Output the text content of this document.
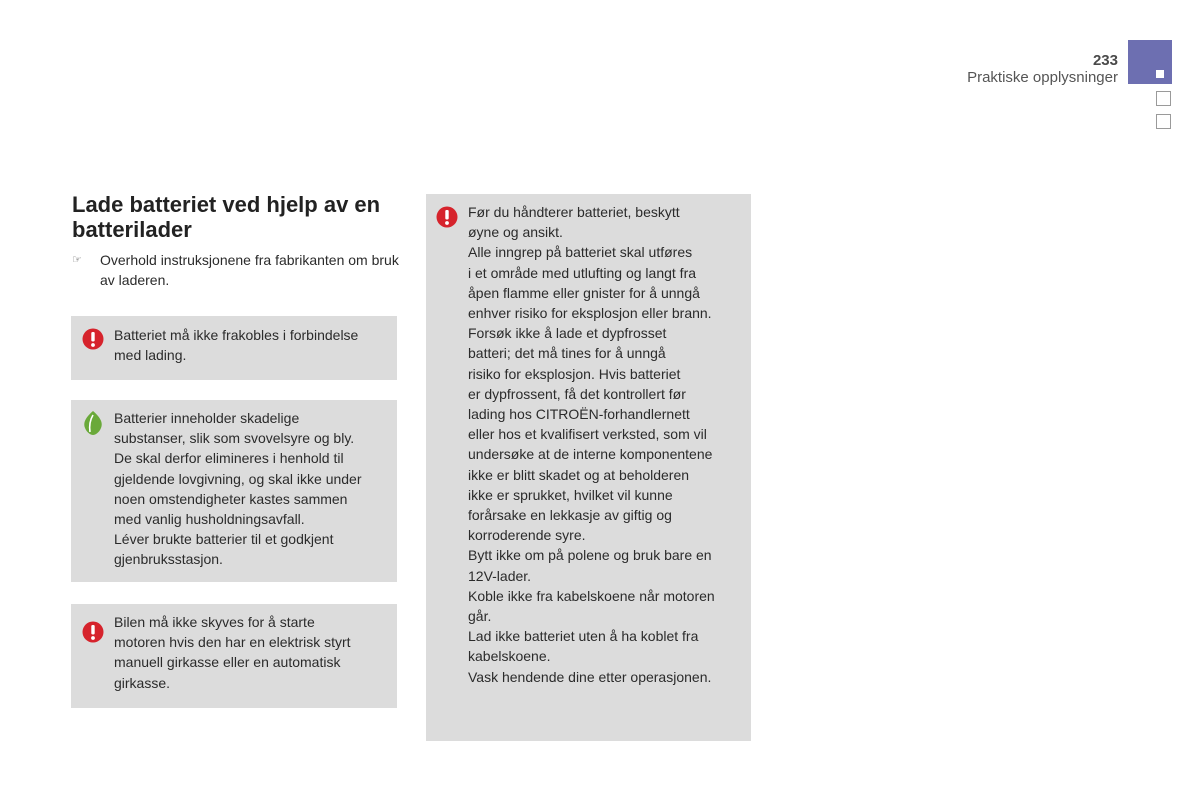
233
Praktiske opplysninger
Lade batteriet ved hjelp av en batterilader
☞ Overhold instruksjonene fra fabrikanten om bruk av laderen.
Batteriet må ikke frakobles i forbindelse
med lading.
Batterier inneholder skadelige
substanser, slik som svovelsyre og bly.
De skal derfor elimineres i henhold til
gjeldende lovgivning, og skal ikke under
noen omstendigheter kastes sammen
med vanlig husholdningsavfall.
Léver brukte batterier til et godkjent
gjenbruksstasjon.
Bilen må ikke skyves for å starte
motoren hvis den har en elektrisk styrt
manuell girkasse eller en automatisk
girkasse.
Før du håndterer batteriet, beskytt
øyne og ansikt.
Alle inngrep på batteriet skal utføres
i et område med utlufting og langt fra
åpen flamme eller gnister for å unngå
enhver risiko for eksplosjon eller brann.
Forsøk ikke å lade et dypfrosset
batteri; det må tines for å unngå
risiko for eksplosjon. Hvis batteriet
er dypfrossent, få det kontrollert før
lading hos CITROËN-forhandlernett
eller hos et kvalifisert verksted, som vil
undersøke at de interne komponentene
ikke er blitt skadet og at beholderen
ikke er sprukket, hvilket vil kunne
forårsake en lekkasje av giftig og
korroderende syre.
Bytt ikke om på polene og bruk bare en
12V-lader.
Koble ikke fra kabelskoene når motoren
går.
Lad ikke batteriet uten å ha koblet fra
kabelskoene.
Vask hendende dine etter operasjonen.
